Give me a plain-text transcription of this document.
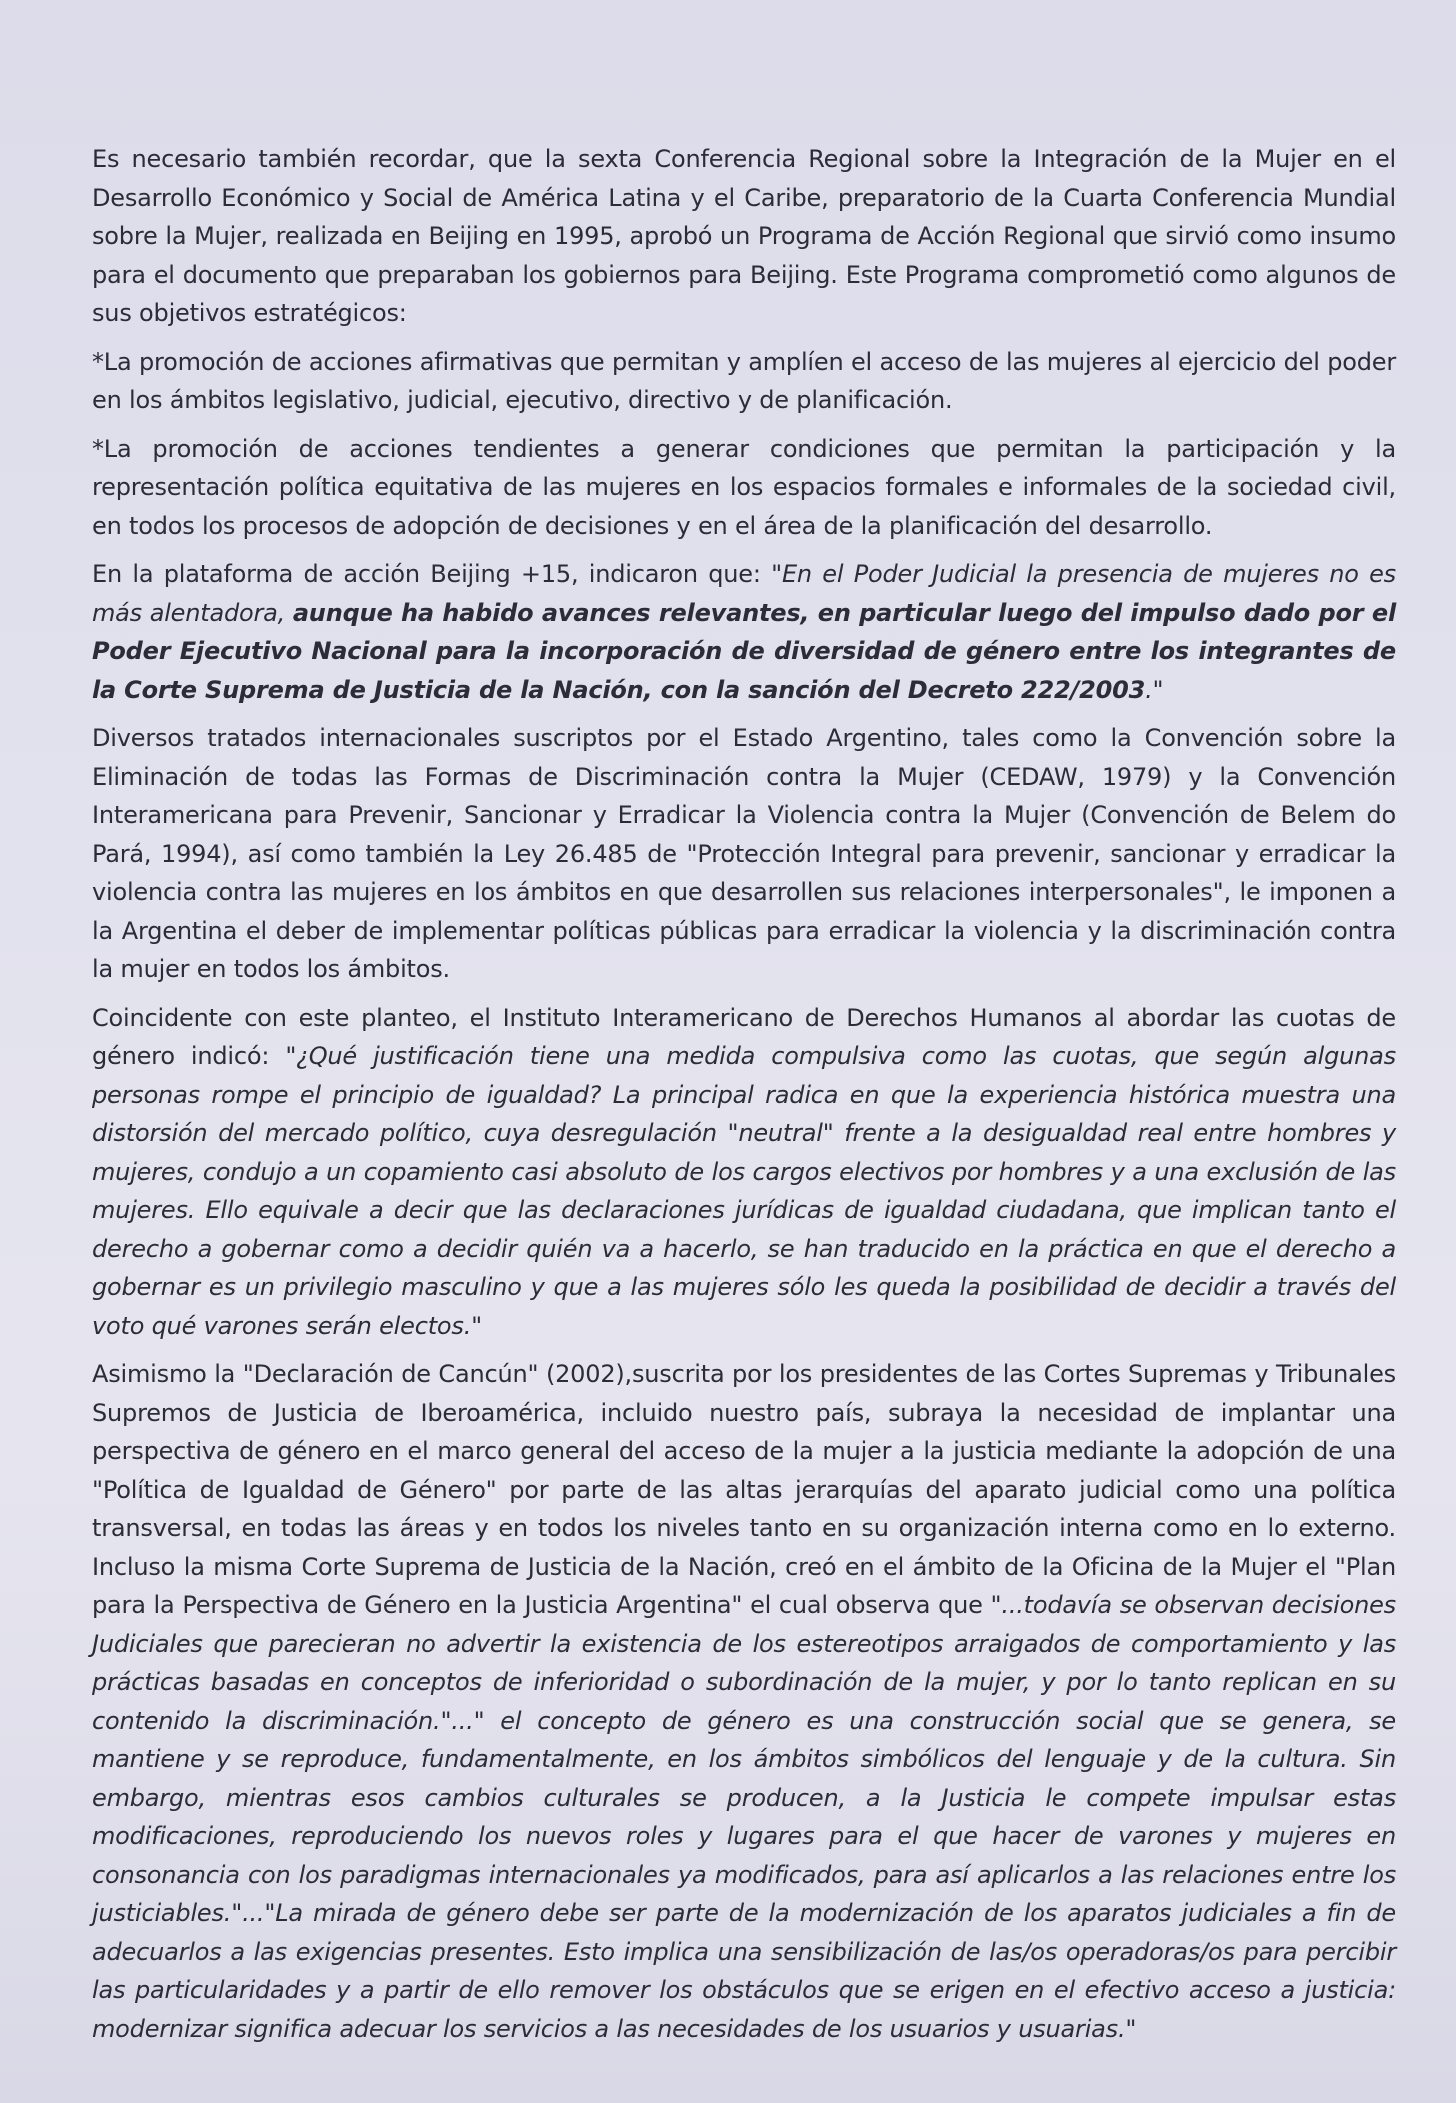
Es necesario también recordar, que la sexta Conferencia Regional sobre la Integración de la Mujer en el Desarrollo Económico y Social de América Latina y el Caribe, preparatorio de la Cuarta Conferencia Mundial sobre la Mujer, realizada en Beijing en 1995, aprobó un Programa de Acción Regional que sirvió como insumo para el documento que preparaban los gobiernos para Beijing. Este Programa comprometió como algunos de sus objetivos estratégicos:

*La promoción de acciones afirmativas que permitan y amplíen el acceso de las mujeres al ejercicio del poder en los ámbitos legislativo, judicial, ejecutivo, directivo y de planificación.

*La promoción de acciones tendientes a generar condiciones que permitan la participación y la representación política equitativa de las mujeres en los espacios formales e informales de la sociedad civil, en todos los procesos de adopción de decisiones y en el área de la planificación del desarrollo.

En la plataforma de acción Beijing +15, indicaron que: "En el Poder Judicial la presencia de mujeres no es más alentadora, aunque ha habido avances relevantes, en particular luego del impulso dado por el Poder Ejecutivo Nacional para la incorporación de diversidad de género entre los integrantes de la Corte Suprema de Justicia de la Nación, con la sanción del Decreto 222/2003."

Diversos tratados internacionales suscriptos por el Estado Argentino, tales como la Convención sobre la Eliminación de todas las Formas de Discriminación contra la Mujer (CEDAW, 1979) y la Convención Interamericana para Prevenir, Sancionar y Erradicar la Violencia contra la Mujer (Convención de Belem do Pará, 1994), así como también la Ley 26.485 de "Protección Integral para prevenir, sancionar y erradicar la violencia contra las mujeres en los ámbitos en que desarrollen sus relaciones interpersonales", le imponen a la Argentina el deber de implementar políticas públicas para erradicar la violencia y la discriminación contra la mujer en todos los ámbitos.

Coincidente con este planteo, el Instituto Interamericano de Derechos Humanos al abordar las cuotas de género indicó: "¿Qué justificación tiene una medida compulsiva como las cuotas, que según algunas personas rompe el principio de igualdad? La principal radica en que la experiencia histórica muestra una distorsión del mercado político, cuya desregulación "neutral" frente a la desigualdad real entre hombres y mujeres, condujo a un copamiento casi absoluto de los cargos electivos por hombres y a una exclusión de las mujeres. Ello equivale a decir que las declaraciones jurídicas de igualdad ciudadana, que implican tanto el derecho a gobernar como a decidir quién va a hacerlo, se han traducido en la práctica en que el derecho a gobernar es un privilegio masculino y que a las mujeres sólo les queda la posibilidad de decidir a través del voto qué varones serán electos."

Asimismo la "Declaración de Cancún" (2002),suscrita por los presidentes de las Cortes Supremas y Tribunales Supremos de Justicia de Iberoamérica, incluido nuestro país, subraya la necesidad de implantar una perspectiva de género en el marco general del acceso de la mujer a la justicia mediante la adopción de una "Política de Igualdad de Género" por parte de las altas jerarquías del aparato judicial como una política transversal, en todas las áreas y en todos los niveles tanto en su organización interna como en lo externo. Incluso la misma Corte Suprema de Justicia de la Nación, creó en el ámbito de la Oficina de la Mujer el "Plan para la Perspectiva de Género en la Justicia Argentina" el cual observa que "...todavía se observan decisiones Judiciales que parecieran no advertir la existencia de los estereotipos arraigados de comportamiento y las prácticas basadas en conceptos de inferioridad o subordinación de la mujer, y por lo tanto replican en su contenido la discriminación."..." el concepto de género es una construcción social que se genera, se mantiene y se reproduce, fundamentalmente, en los ámbitos simbólicos del lenguaje y de la cultura. Sin embargo, mientras esos cambios culturales se producen, a la Justicia le compete impulsar estas modificaciones, reproduciendo los nuevos roles y lugares para el que hacer de varones y mujeres en consonancia con los paradigmas internacionales ya modificados, para así aplicarlos a las relaciones entre los justiciables."..."La mirada de género debe ser parte de la modernización de los aparatos judiciales a fin de adecuarlos a las exigencias presentes. Esto implica una sensibilización de las/os operadoras/os para percibir las particularidades y a partir de ello remover los obstáculos que se erigen en el efectivo acceso a justicia: modernizar significa adecuar los servicios a las necesidades de los usuarios y usuarias."
